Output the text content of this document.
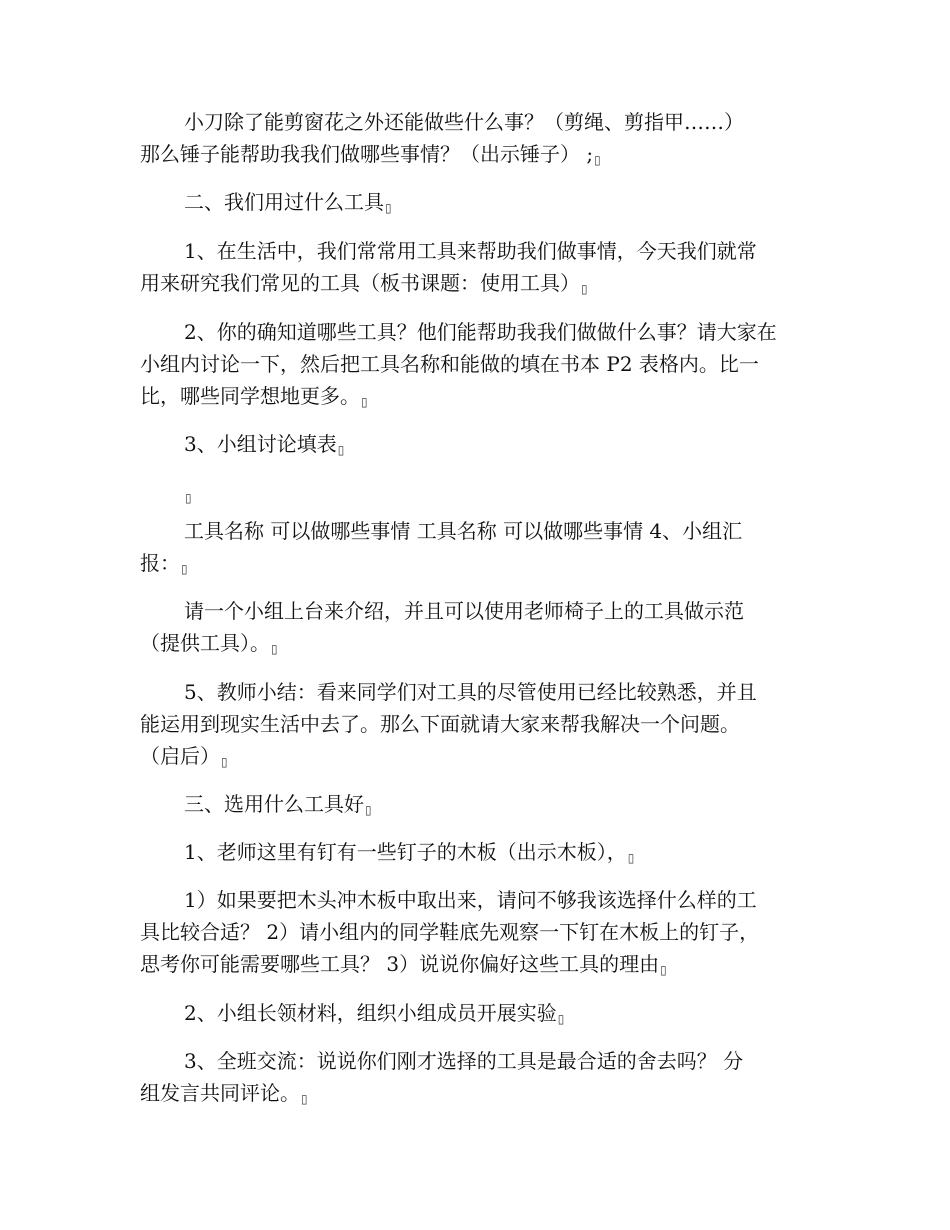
小刀除了能剪窗花之外还能做些什么事？（剪绳、剪指甲……）
那么锤子能帮助我我们做哪些事情？（出示锤子） ;▯
二、我们用过什么工具▯
1、在生活中，我们常常用工具来帮助我们做事情，今天我们就常
用来研究我们常见的工具（板书课题：使用工具）▯
2、你的确知道哪些工具？他们能帮助我我们做做什么事？请大家在
小组内讨论一下，然后把工具名称和能做的填在书本 P2 表格内。比一
比，哪些同学想地更多。▯
3、小组讨论填表▯
▯
工具名称 可以做哪些事情 工具名称 可以做哪些事情 4、小组汇
报：▯
请一个小组上台来介绍，并且可以使用老师椅子上的工具做示范
（提供工具）。▯
5、教师小结：看来同学们对工具的尽管使用已经比较熟悉，并且
能运用到现实生活中去了。那么下面就请大家来帮我解决一个问题。
（启后）▯
三、选用什么工具好▯
1、老师这里有钉有一些钉子的木板（出示木板），▯
1）如果要把木头冲木板中取出来，请问不够我该选择什么样的工
具比较合适？ 2）请小组内的同学鞋底先观察一下钉在木板上的钉子，
思考你可能需要哪些工具？ 3）说说你偏好这些工具的理由▯
2、小组长领材料，组织小组成员开展实验▯
3、全班交流：说说你们刚才选择的工具是最合适的舍去吗？ 分
组发言共同评论。▯
